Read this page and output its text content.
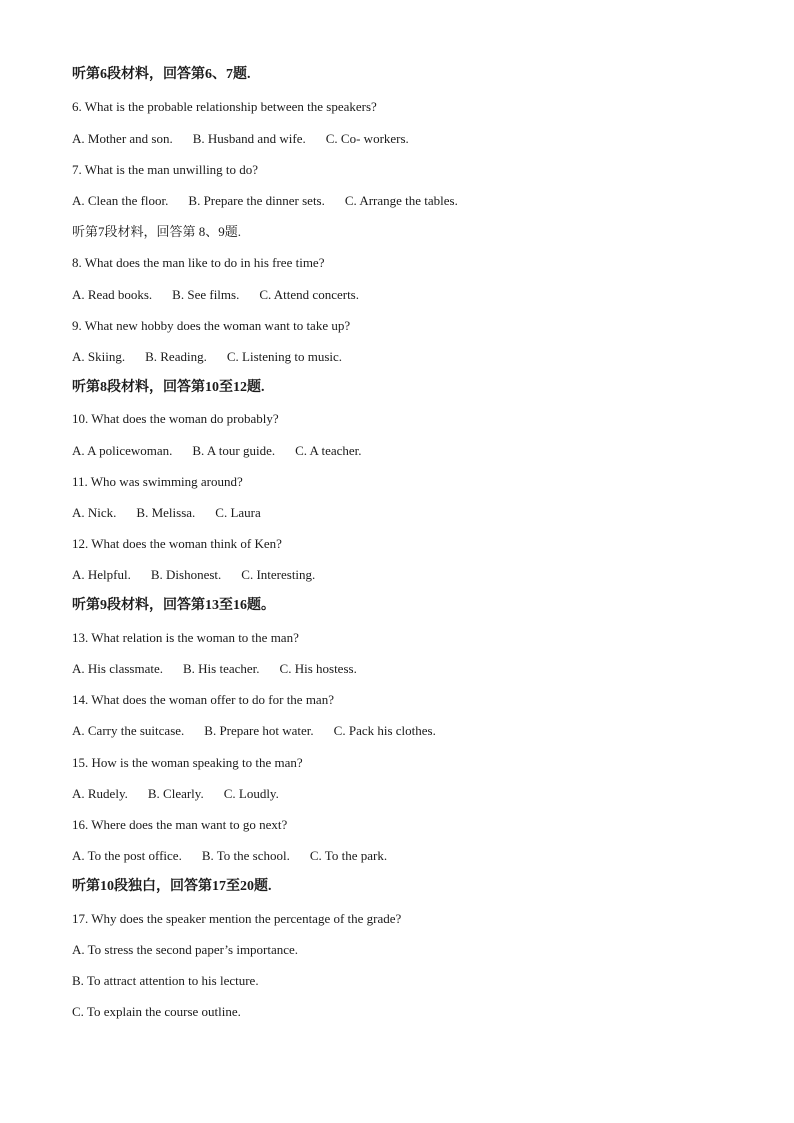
听第6段材料，回答第6、7题.
6. What is the probable relationship between the speakers?
A. Mother and son. B. Husband and wife. C. Co- workers.
7. What is the man unwilling to do?
A. Clean the floor. B. Prepare the dinner sets. C. Arrange the tables.
听第7段材料，回答第 8、9题.
8. What does the man like to do in his free time?
A. Read books. B. See films. C. Attend concerts.
9. What new hobby does the woman want to take up?
A. Skiing. B. Reading. C. Listening to music.
听第8段材料，回答第10至12题.
10. What does the woman do probably?
A. A policewoman. B. A tour guide. C. A teacher.
11. Who was swimming around?
A. Nick. B. Melissa. C. Laura
12. What does the woman think of Ken?
A. Helpful. B. Dishonest. C. Interesting.
听第9段材料，回答第13至16题。
13. What relation is the woman to the man?
A. His classmate. B. His teacher. C. His hostess.
14. What does the woman offer to do for the man?
A. Carry the suitcase. B. Prepare hot water. C. Pack his clothes.
15. How is the woman speaking to the man?
A. Rudely. B. Clearly. C. Loudly.
16. Where does the man want to go next?
A. To the post office. B. To the school. C. To the park.
听第10段独白，回答第17至20题.
17. Why does the speaker mention the percentage of the grade?
A. To stress the second paper’s importance.
B. To attract attention to his lecture.
C. To explain the course outline.
